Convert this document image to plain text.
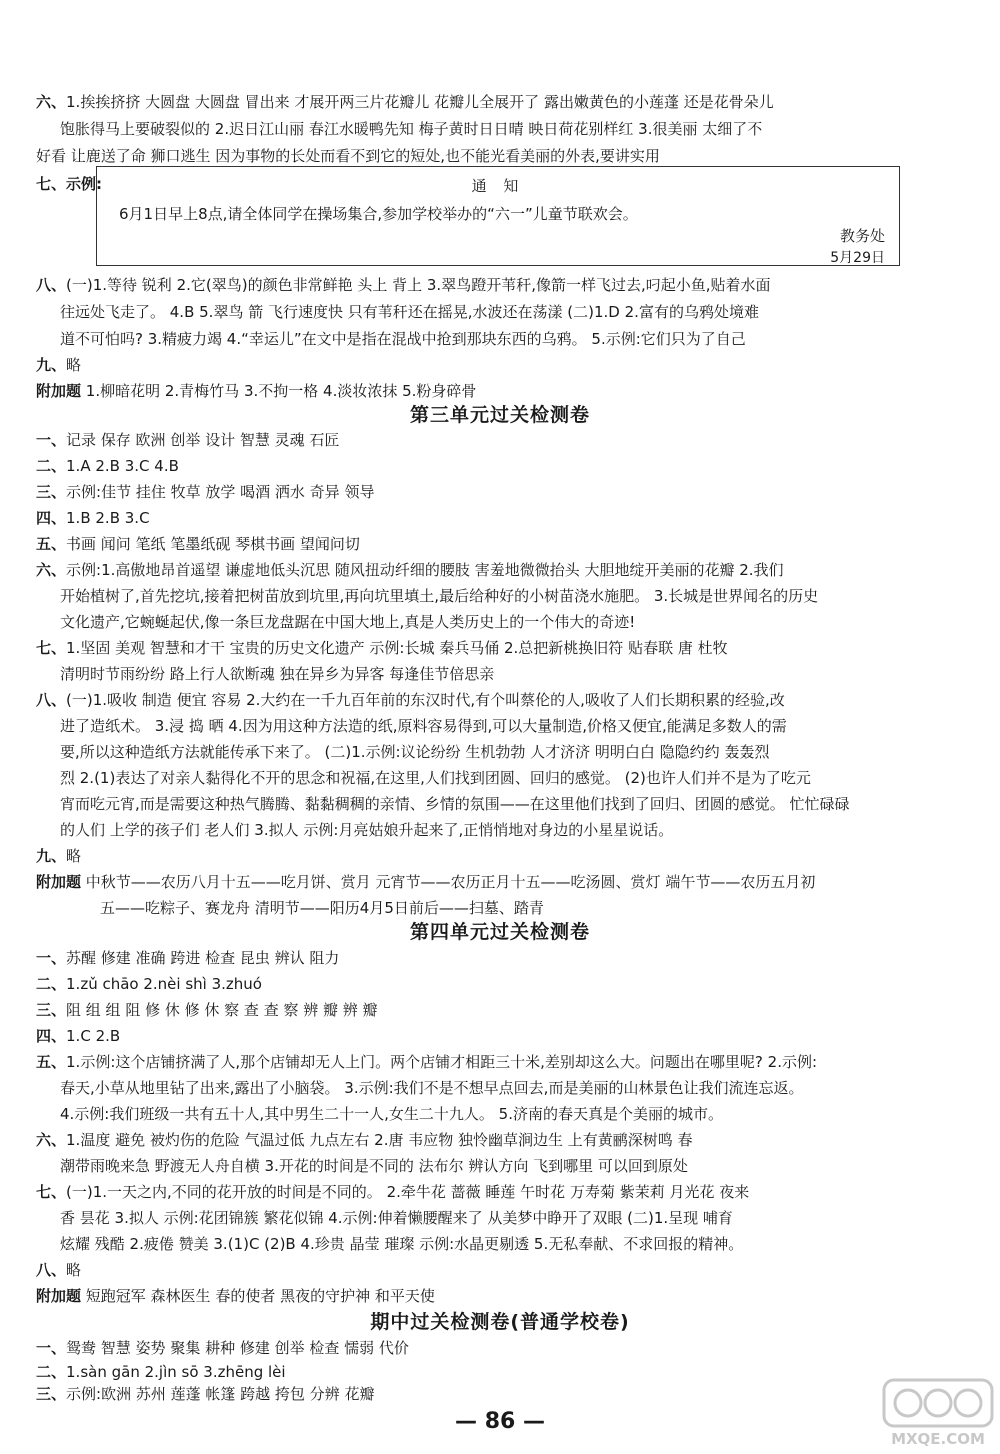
六、1.挨挨挤挤 大圆盘 大圆盘 冒出来 才展开两三片花瓣儿 花瓣儿全展开了 露出嫩黄色的小莲蓬 还是花骨朵儿
饱胀得马上要破裂似的 2.迟日江山丽 春江水暖鸭先知 梅子黄时日日晴 映日荷花别样红 3.很美丽 太细了不
好看 让鹿送了命 狮口逃生 因为事物的长处而看不到它的短处,也不能光看美丽的外表,要讲实用
七、示例:	通 知
6月1日早上8点,请全体同学在操场集合,参加学校举办的“六一”儿童节联欢会。
教务处
5月29日
八、(一)1.等待 锐利 2.它(翠鸟)的颜色非常鲜艳 头上 背上 3.翠鸟蹬开苇秆,像箭一样飞过去,叼起小鱼,贴着水面
往远处飞走了。 4.B 5.翠鸟 箭 飞行速度快 只有苇秆还在摇晃,水波还在荡漾 (二)1.D 2.富有的乌鸦处境难
道不可怕吗? 3.精疲力竭 4.“幸运儿”在文中是指在混战中抢到那块东西的乌鸦。 5.示例:它们只为了自己
九、略
附加题 1.柳暗花明 2.青梅竹马 3.不拘一格 4.淡妆浓抹 5.粉身碎骨
第三单元过关检测卷
一、记录 保存 欧洲 创举 设计 智慧 灵魂 石匠
二、1.A 2.B 3.C 4.B
三、示例:佳节 挂住 牧草 放学 喝酒 洒水 奇异 领导
四、1.B 2.B 3.C
五、书画 闻问 笔纸 笔墨纸砚 琴棋书画 望闻问切
六、示例:1.高傲地昂首遥望 谦虚地低头沉思 随风扭动纤细的腰肢 害羞地微微抬头 大胆地绽开美丽的花瓣 2.我们
开始植树了,首先挖坑,接着把树苗放到坑里,再向坑里填土,最后给种好的小树苗浇水施肥。 3.长城是世界闻名的历史
文化遗产,它蜿蜒起伏,像一条巨龙盘踞在中国大地上,真是人类历史上的一个伟大的奇迹!
七、1.坚固 美观 智慧和才干 宝贵的历史文化遗产 示例:长城 秦兵马俑 2.总把新桃换旧符 贴春联 唐 杜牧
清明时节雨纷纷 路上行人欲断魂 独在异乡为异客 每逢佳节倍思亲
八、(一)1.吸收 制造 便宜 容易 2.大约在一千九百年前的东汉时代,有个叫蔡伦的人,吸收了人们长期积累的经验,改
进了造纸术。 3.浸 捣 晒 4.因为用这种方法造的纸,原料容易得到,可以大量制造,价格又便宜,能满足多数人的需
要,所以这种造纸方法就能传承下来了。 (二)1.示例:议论纷纷 生机勃勃 人才济济 明明白白 隐隐约约 轰轰烈
烈 2.(1)表达了对亲人黏得化不开的思念和祝福,在这里,人们找到团圆、回归的感觉。 (2)也许人们并不是为了吃元
宵而吃元宵,而是需要这种热气腾腾、黏黏稠稠的亲情、乡情的氛围——在这里他们找到了回归、团圆的感觉。 忙忙碌碌
的人们 上学的孩子们 老人们 3.拟人 示例:月亮姑娘升起来了,正悄悄地对身边的小星星说话。
九、略
附加题 中秋节——农历八月十五——吃月饼、赏月 元宵节——农历正月十五——吃汤圆、赏灯 端午节——农历五月初
五——吃粽子、赛龙舟 清明节——阳历4月5日前后——扫墓、踏青
第四单元过关检测卷
一、苏醒 修建 准确 跨进 检查 昆虫 辨认 阻力
二、1.zǔ chāo 2.nèi shì 3.zhuó
三、阻 组 组 阻 修 休 修 休 察 查 查 察 辨 瓣 辨 瓣
四、1.C 2.B
五、1.示例:这个店铺挤满了人,那个店铺却无人上门。两个店铺才相距三十米,差别却这么大。问题出在哪里呢? 2.示例:
春天,小草从地里钻了出来,露出了小脑袋。 3.示例:我们不是不想早点回去,而是美丽的山林景色让我们流连忘返。
4.示例:我们班级一共有五十人,其中男生二十一人,女生二十九人。 5.济南的春天真是个美丽的城市。
六、1.温度 避免 被灼伤的危险 气温过低 九点左右 2.唐 韦应物 独怜幽草涧边生 上有黄鹂深树鸣 春
潮带雨晚来急 野渡无人舟自横 3.开花的时间是不同的 法布尔 辨认方向 飞到哪里 可以回到原处
七、(一)1.一天之内,不同的花开放的时间是不同的。 2.牵牛花 蔷薇 睡莲 午时花 万寿菊 紫茉莉 月光花 夜来
香 昙花 3.拟人 示例:花团锦簇 繁花似锦 4.示例:伸着懒腰醒来了 从美梦中睁开了双眼 (二)1.呈现 哺育
炫耀 残酷 2.疲倦 赞美 3.(1)C (2)B 4.珍贵 晶莹 璀璨 示例:水晶更剔透 5.无私奉献、不求回报的精神。
八、略
附加题 短跑冠军 森林医生 春的使者 黑夜的守护神 和平天使
期中过关检测卷(普通学校卷)
一、鸳鸯 智慧 姿势 聚集 耕种 修建 创举 检查 懦弱 代价
— 86 —
MXQE.COM
二、1.sàn gān 2.jìn sō 3.zhēng lèi
三、示例:欧洲 苏州 莲蓬 帐篷 跨越 挎包 分辨 花瓣
